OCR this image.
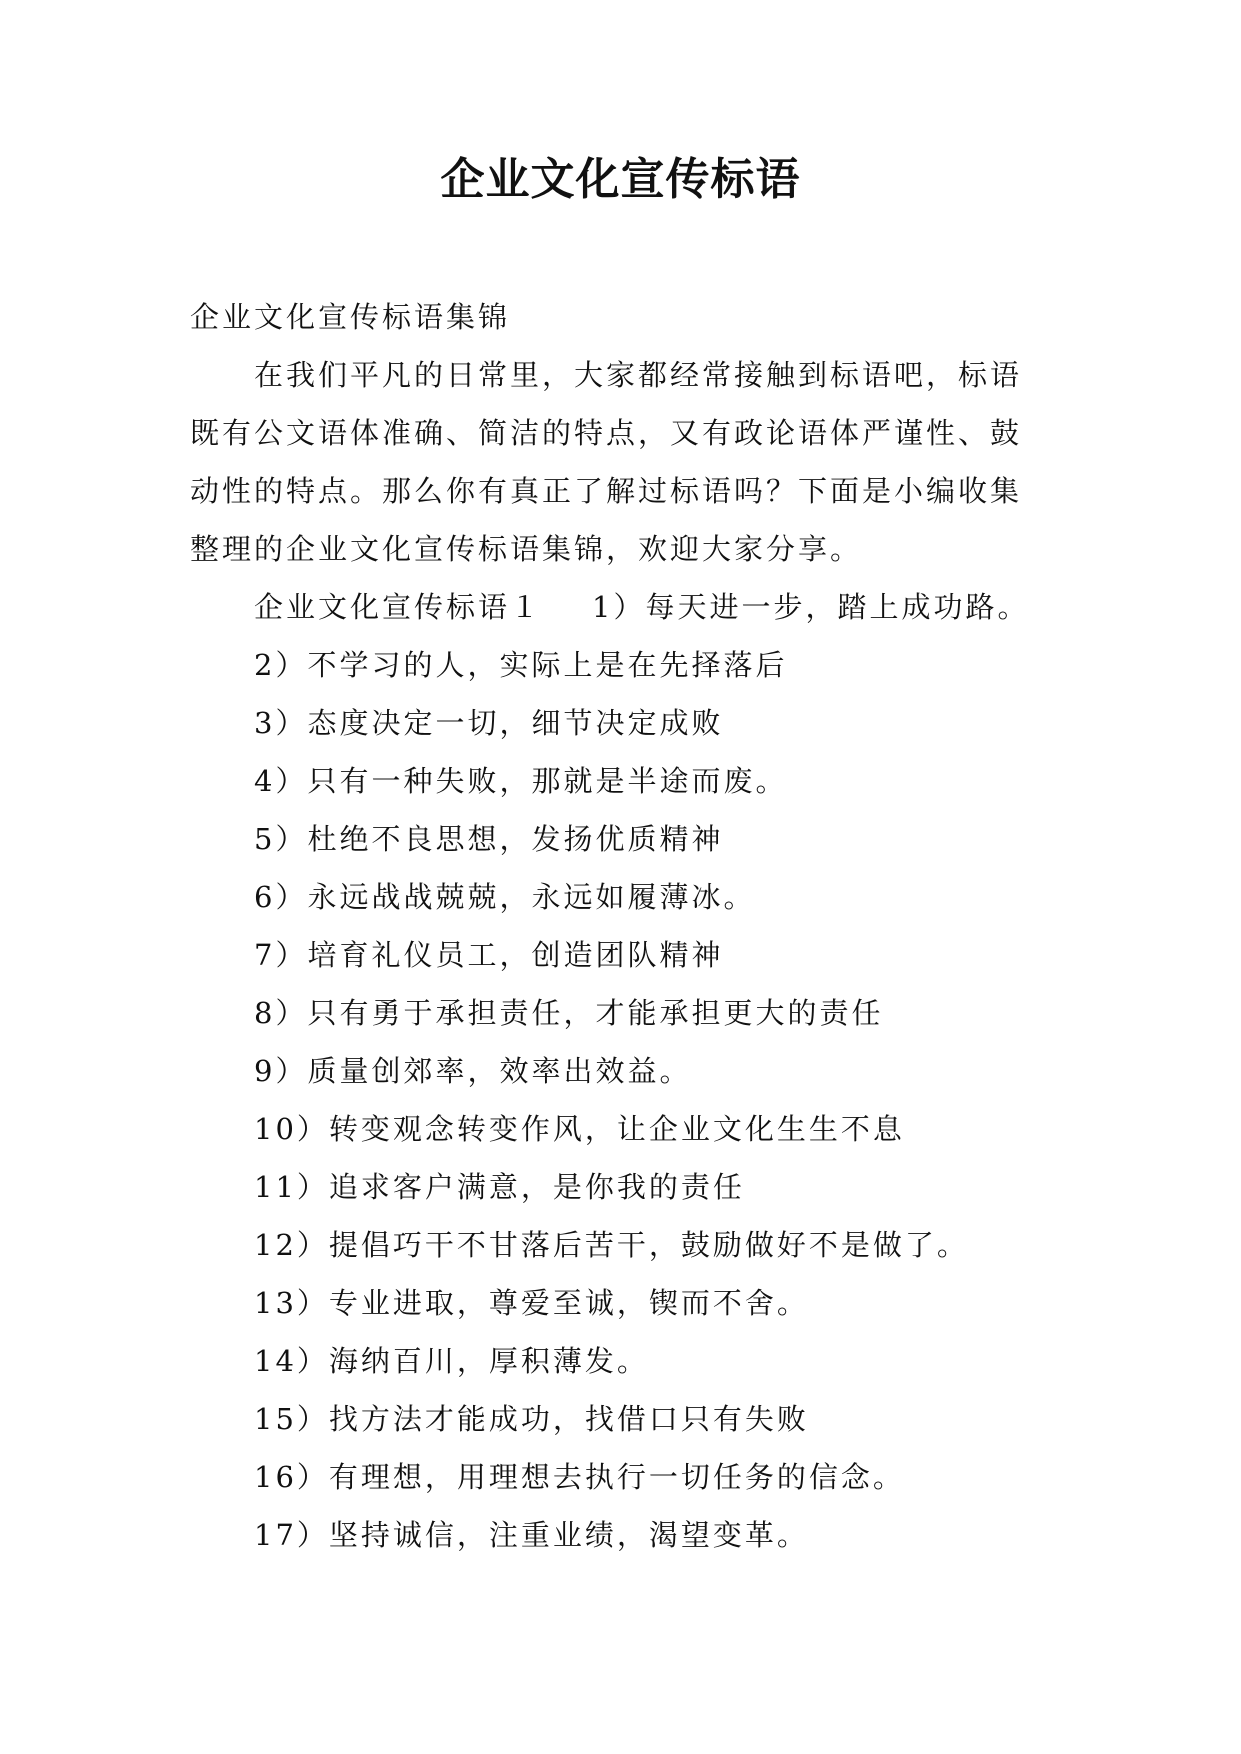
企业文化宣传标语

企业文化宣传标语集锦

在我们平凡的日常里，大家都经常接触到标语吧，标语

既有公文语体准确、简洁的特点，又有政论语体严谨性、鼓

动性的特点。那么你有真正了解过标语吗？下面是小编收集

整理的企业文化宣传标语集锦，欢迎大家分享。

企业文化宣传标语１ 1）每天进一步，踏上成功路。

2）不学习的人，实际上是在先择落后

3）态度决定一切，细节决定成败

4）只有一种失败，那就是半途而废。

5）杜绝不良思想，发扬优质精神

6）永远战战兢兢，永远如履薄冰。

7）培育礼仪员工，创造团队精神

8）只有勇于承担责任，才能承担更大的责任

9）质量创郊率，效率出效益。

10）转变观念转变作风，让企业文化生生不息

11）追求客户满意，是你我的责任

12）提倡巧干不甘落后苦干，鼓励做好不是做了。

13）专业进取，尊爱至诚，锲而不舍。

14）海纳百川，厚积薄发。

15）找方法才能成功，找借口只有失败

16）有理想，用理想去执行一切任务的信念。

17）坚持诚信，注重业绩，渴望变革。
